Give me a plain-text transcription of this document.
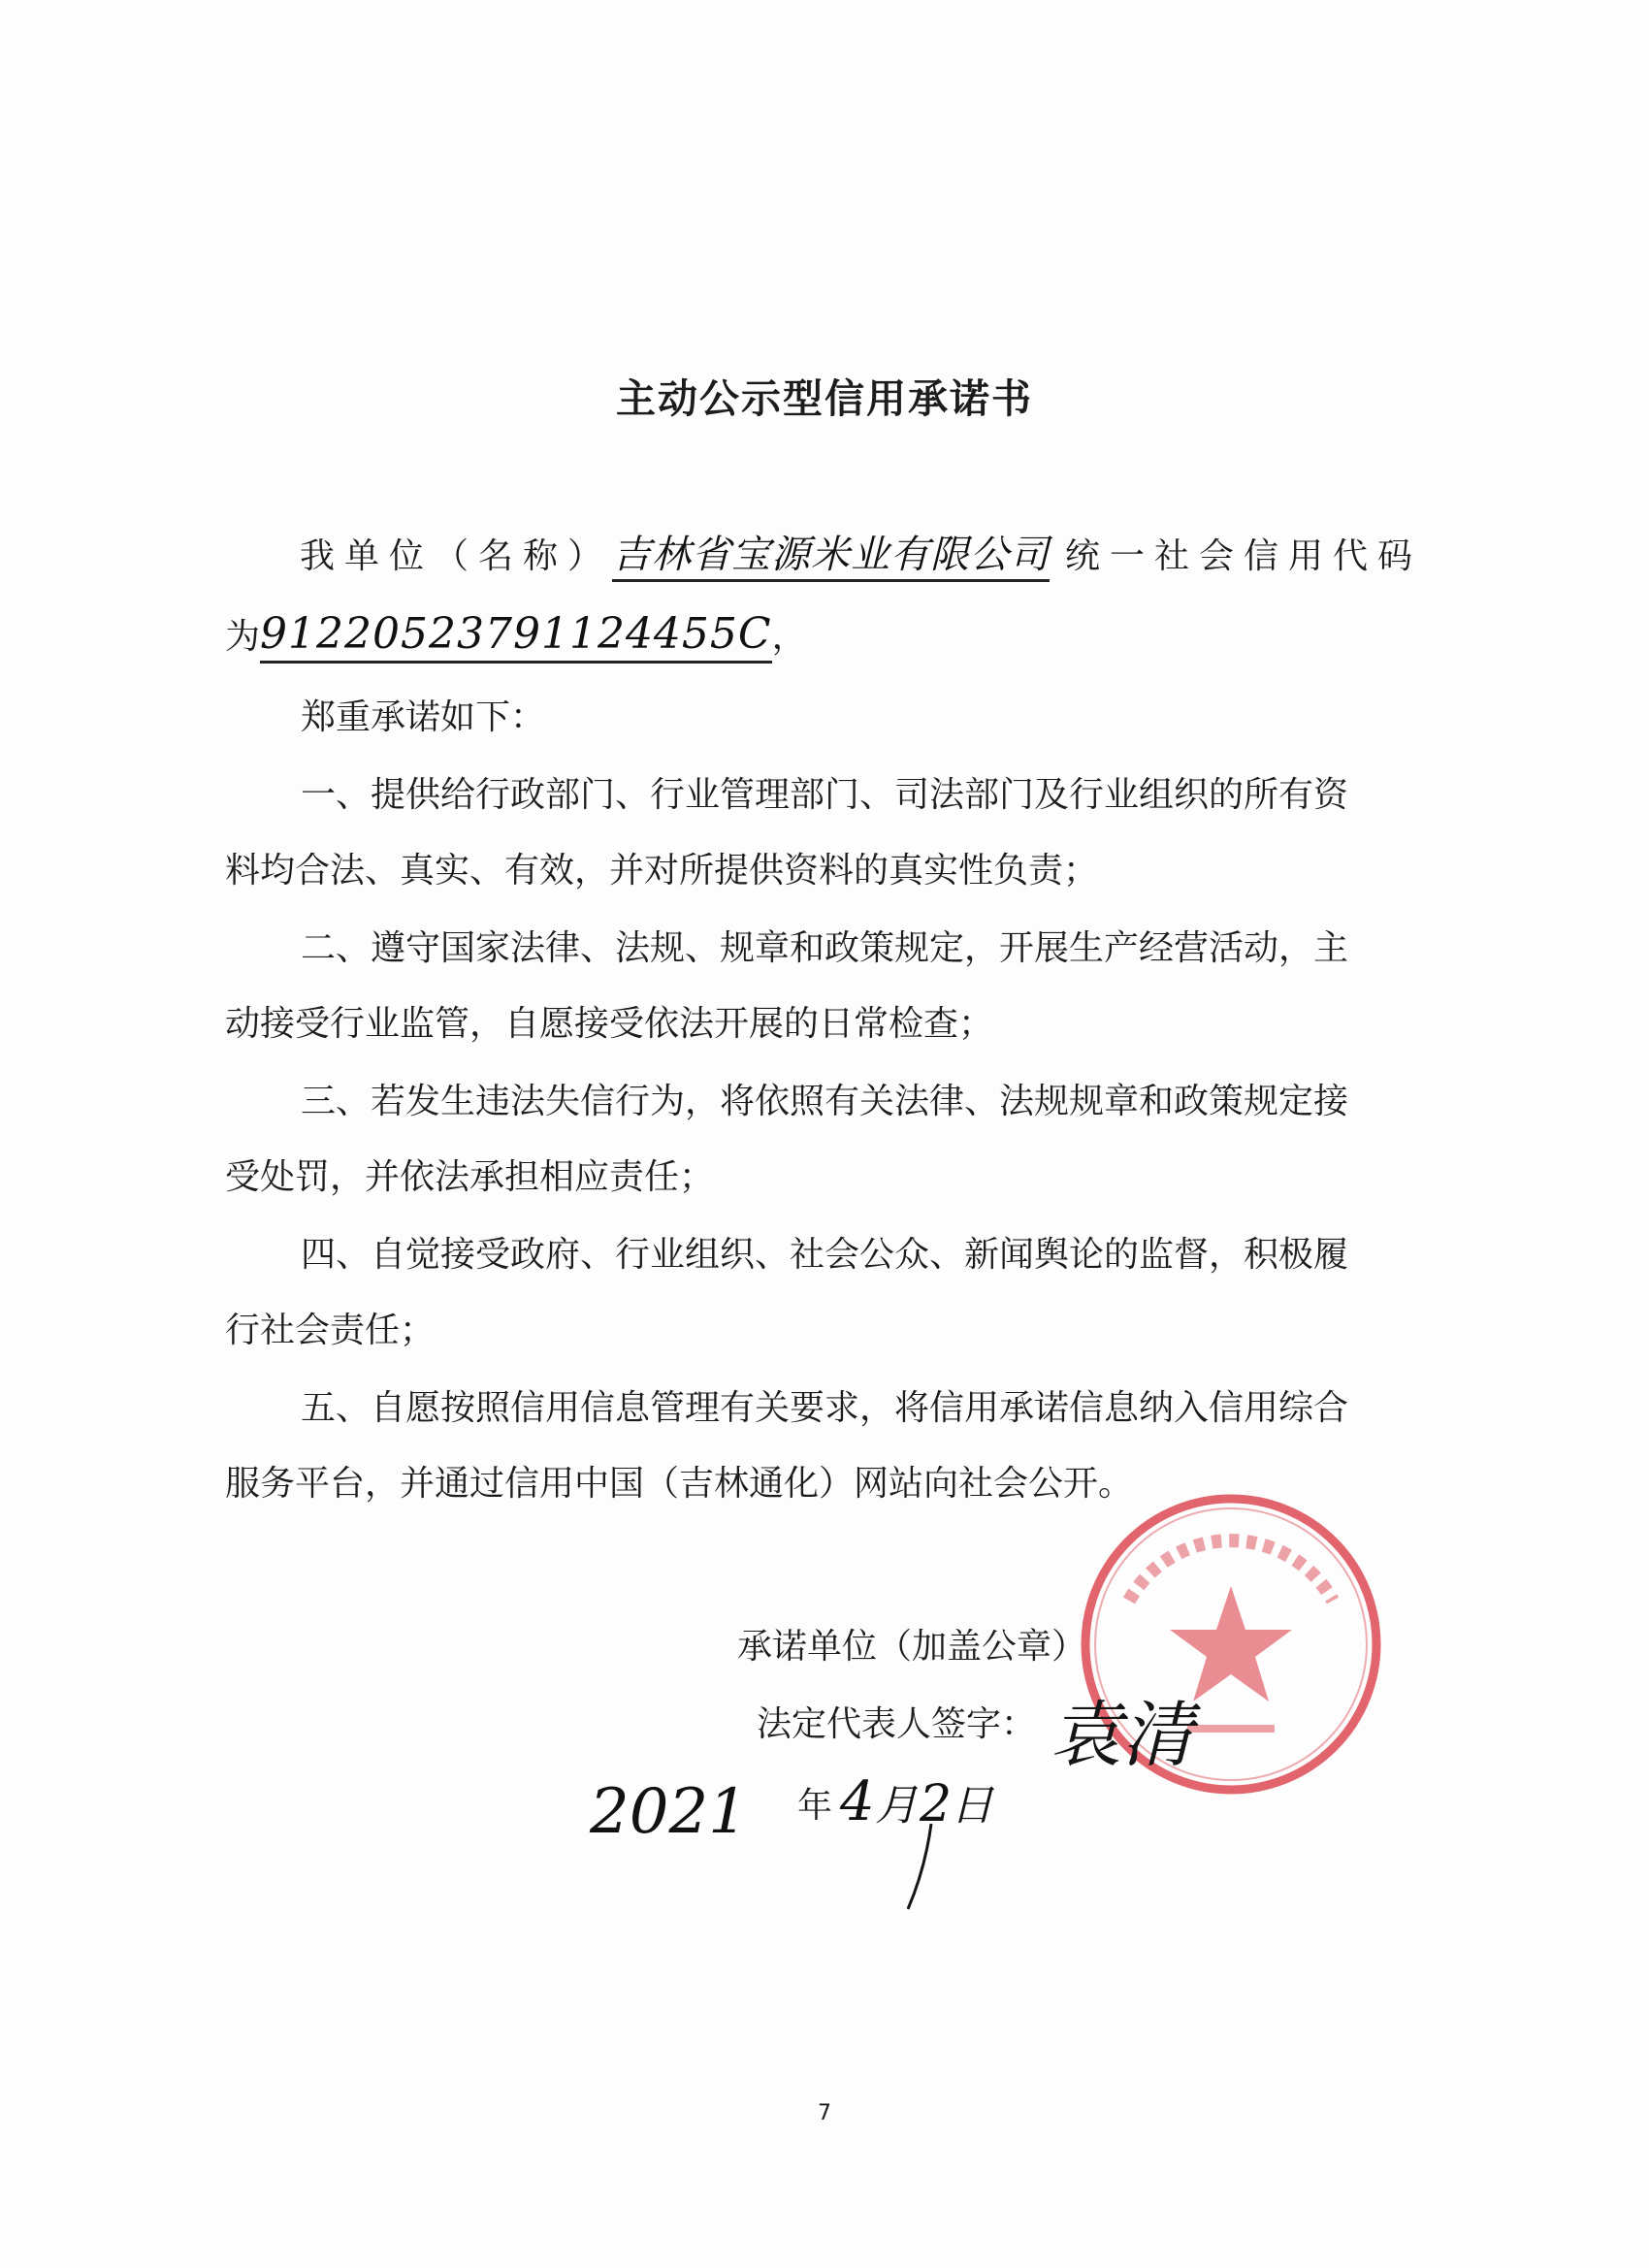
主动公示型信用承诺书
我单位（名称）吉林省宝源米业有限公司 统一社会信用代码
为91220523791124455C，
郑重承诺如下：
一、提供给行政部门、行业管理部门、司法部门及行业组织的所有资
料均合法、真实、有效，并对所提供资料的真实性负责；
二、遵守国家法律、法规、规章和政策规定，开展生产经营活动，主
动接受行业监管，自愿接受依法开展的日常检查；
三、若发生违法失信行为，将依照有关法律、法规规章和政策规定接
受处罚，并依法承担相应责任；
四、自觉接受政府、行业组织、社会公众、新闻舆论的监督，积极履
行社会责任；
五、自愿按照信用信息管理有关要求，将信用承诺信息纳入信用综合
服务平台，并通过信用中国（吉林通化）网站向社会公开。
承诺单位（加盖公章）
法定代表人签字： 袁清
2021 年 4 月 2
日
7
